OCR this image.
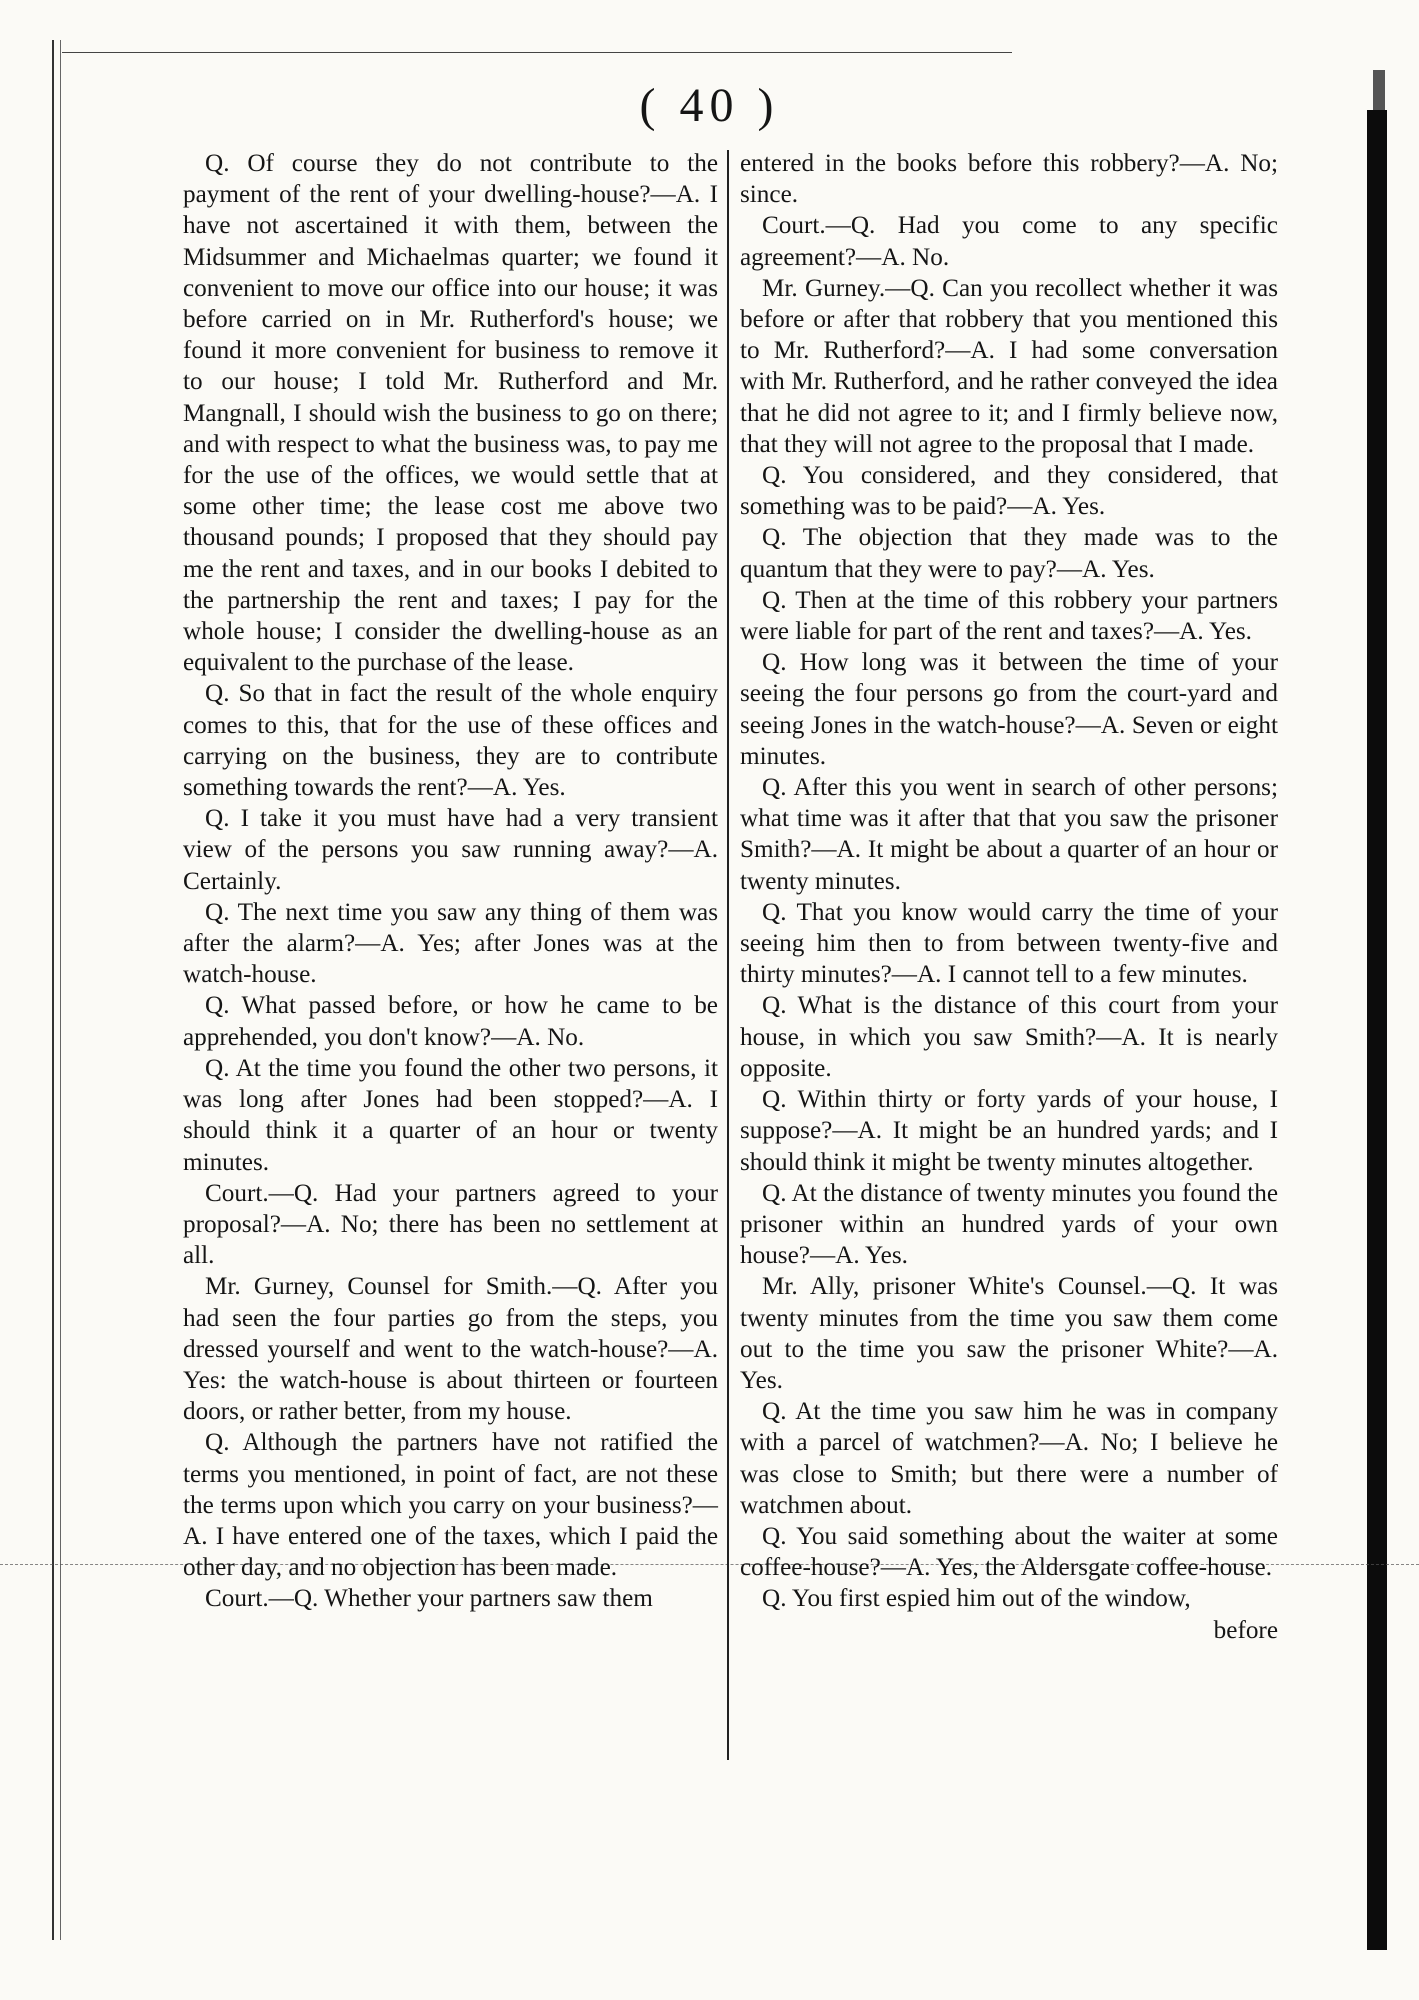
( 40 )

Q. Of course they do not contribute to the payment of the rent of your dwelling-house?—A. I have not ascertained it with them, between the Midsummer and Michaelmas quarter; we found it convenient to move our office into our house; it was before carried on in Mr. Rutherford's house; we found it more convenient for business to remove it to our house; I told Mr. Rutherford and Mr. Mangnall, I should wish the business to go on there; and with respect to what the business was, to pay me for the use of the offices, we would settle that at some other time; the lease cost me above two thousand pounds; I proposed that they should pay me the rent and taxes, and in our books I debited to the partnership the rent and taxes; I pay for the whole house; I consider the dwelling-house as an equivalent to the purchase of the lease.

Q. So that in fact the result of the whole enquiry comes to this, that for the use of these offices and carrying on the business, they are to contribute something towards the rent?—A. Yes.

Q. I take it you must have had a very transient view of the persons you saw running away?—A. Certainly.

Q. The next time you saw any thing of them was after the alarm?—A. Yes; after Jones was at the watch-house.

Q. What passed before, or how he came to be apprehended, you don't know?—A. No.

Q. At the time you found the other two persons, it was long after Jones had been stopped?—A. I should think it a quarter of an hour or twenty minutes.

Court.—Q. Had your partners agreed to your proposal?—A. No; there has been no settlement at all.

Mr. Gurney, Counsel for Smith.—Q. After you had seen the four parties go from the steps, you dressed yourself and went to the watch-house?—A. Yes: the watch-house is about thirteen or fourteen doors, or rather better, from my house.

Q. Although the partners have not ratified the terms you mentioned, in point of fact, are not these the terms upon which you carry on your business?—A. I have entered one of the taxes, which I paid the other day, and no objection has been made.

Court.—Q. Whether your partners saw them

entered in the books before this robbery?—A. No; since.

Court.—Q. Had you come to any specific agreement?—A. No.

Mr. Gurney.—Q. Can you recollect whether it was before or after that robbery that you mentioned this to Mr. Rutherford?—A. I had some conversation with Mr. Rutherford, and he rather conveyed the idea that he did not agree to it; and I firmly believe now, that they will not agree to the proposal that I made.

Q. You considered, and they considered, that something was to be paid?—A. Yes.

Q. The objection that they made was to the quantum that they were to pay?—A. Yes.

Q. Then at the time of this robbery your partners were liable for part of the rent and taxes?—A. Yes.

Q. How long was it between the time of your seeing the four persons go from the court-yard and seeing Jones in the watch-house?—A. Seven or eight minutes.

Q. After this you went in search of other persons; what time was it after that that you saw the prisoner Smith?—A. It might be about a quarter of an hour or twenty minutes.

Q. That you know would carry the time of your seeing him then to from between twenty-five and thirty minutes?—A. I cannot tell to a few minutes.

Q. What is the distance of this court from your house, in which you saw Smith?—A. It is nearly opposite.

Q. Within thirty or forty yards of your house, I suppose?—A. It might be an hundred yards; and I should think it might be twenty minutes altogether.

Q. At the distance of twenty minutes you found the prisoner within an hundred yards of your own house?—A. Yes.

Mr. Ally, prisoner White's Counsel.—Q. It was twenty minutes from the time you saw them come out to the time you saw the prisoner White?—A. Yes.

Q. At the time you saw him he was in company with a parcel of watchmen?—A. No; I believe he was close to Smith; but there were a number of watchmen about.

Q. You said something about the waiter at some coffee-house?—A. Yes, the Aldersgate coffee-house.

Q. You first espied him out of the window,

before
